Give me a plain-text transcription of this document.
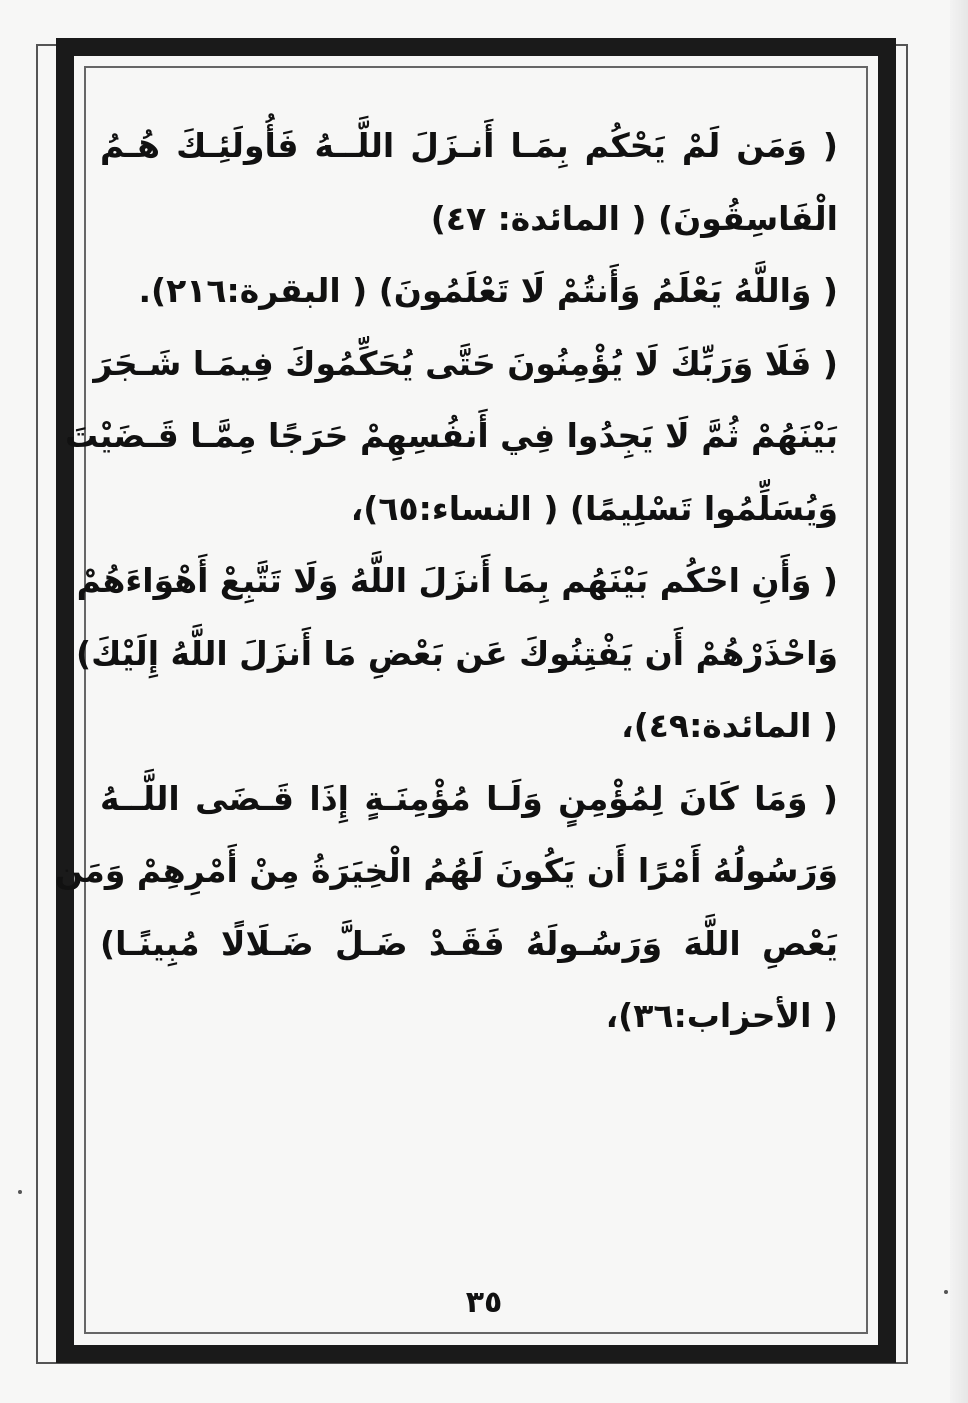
( وَمَن لَمْ يَحْكُم بِمَـا أَنـزَلَ اللَّــهُ فَأُولَئِـكَ هُـمُ
الْفَاسِقُونَ) ( المائدة: ٤٧)
( وَاللَّهُ يَعْلَمُ وَأَنتُمْ لَا تَعْلَمُونَ) ( البقرة:٢١٦).
( فَلَا وَرَبِّكَ لَا يُؤْمِنُونَ حَتَّى يُحَكِّمُوكَ فِيمَـا شَـجَرَ
بَيْنَهُمْ ثُمَّ لَا يَجِدُوا فِي أَنفُسِهِمْ حَرَجًا مِمَّـا قَـضَيْتَ
وَيُسَلِّمُوا تَسْلِيمًا) ( النساء:٦٥)،
( وَأَنِ احْكُم بَيْنَهُم بِمَا أَنزَلَ اللَّهُ وَلَا تَتَّبِعْ أَهْوَاءَهُمْ
وَاحْذَرْهُمْ أَن يَفْتِنُوكَ عَن بَعْضِ مَا أَنزَلَ اللَّهُ إِلَيْكَ)
( المائدة:٤٩)،
( وَمَا كَانَ لِمُؤْمِنٍ وَلَـا مُؤْمِنَـةٍ إِذَا قَـضَى اللَّــهُ
وَرَسُولُهُ أَمْرًا أَن يَكُونَ لَهُمُ الْخِيَرَةُ مِنْ أَمْرِهِمْ وَمَن
يَعْصِ اللَّهَ وَرَسُـولَهُ فَقَـدْ ضَـلَّ ضَـلَالًا مُبِينًـا)
( الأحزاب:٣٦)،
٣٥
